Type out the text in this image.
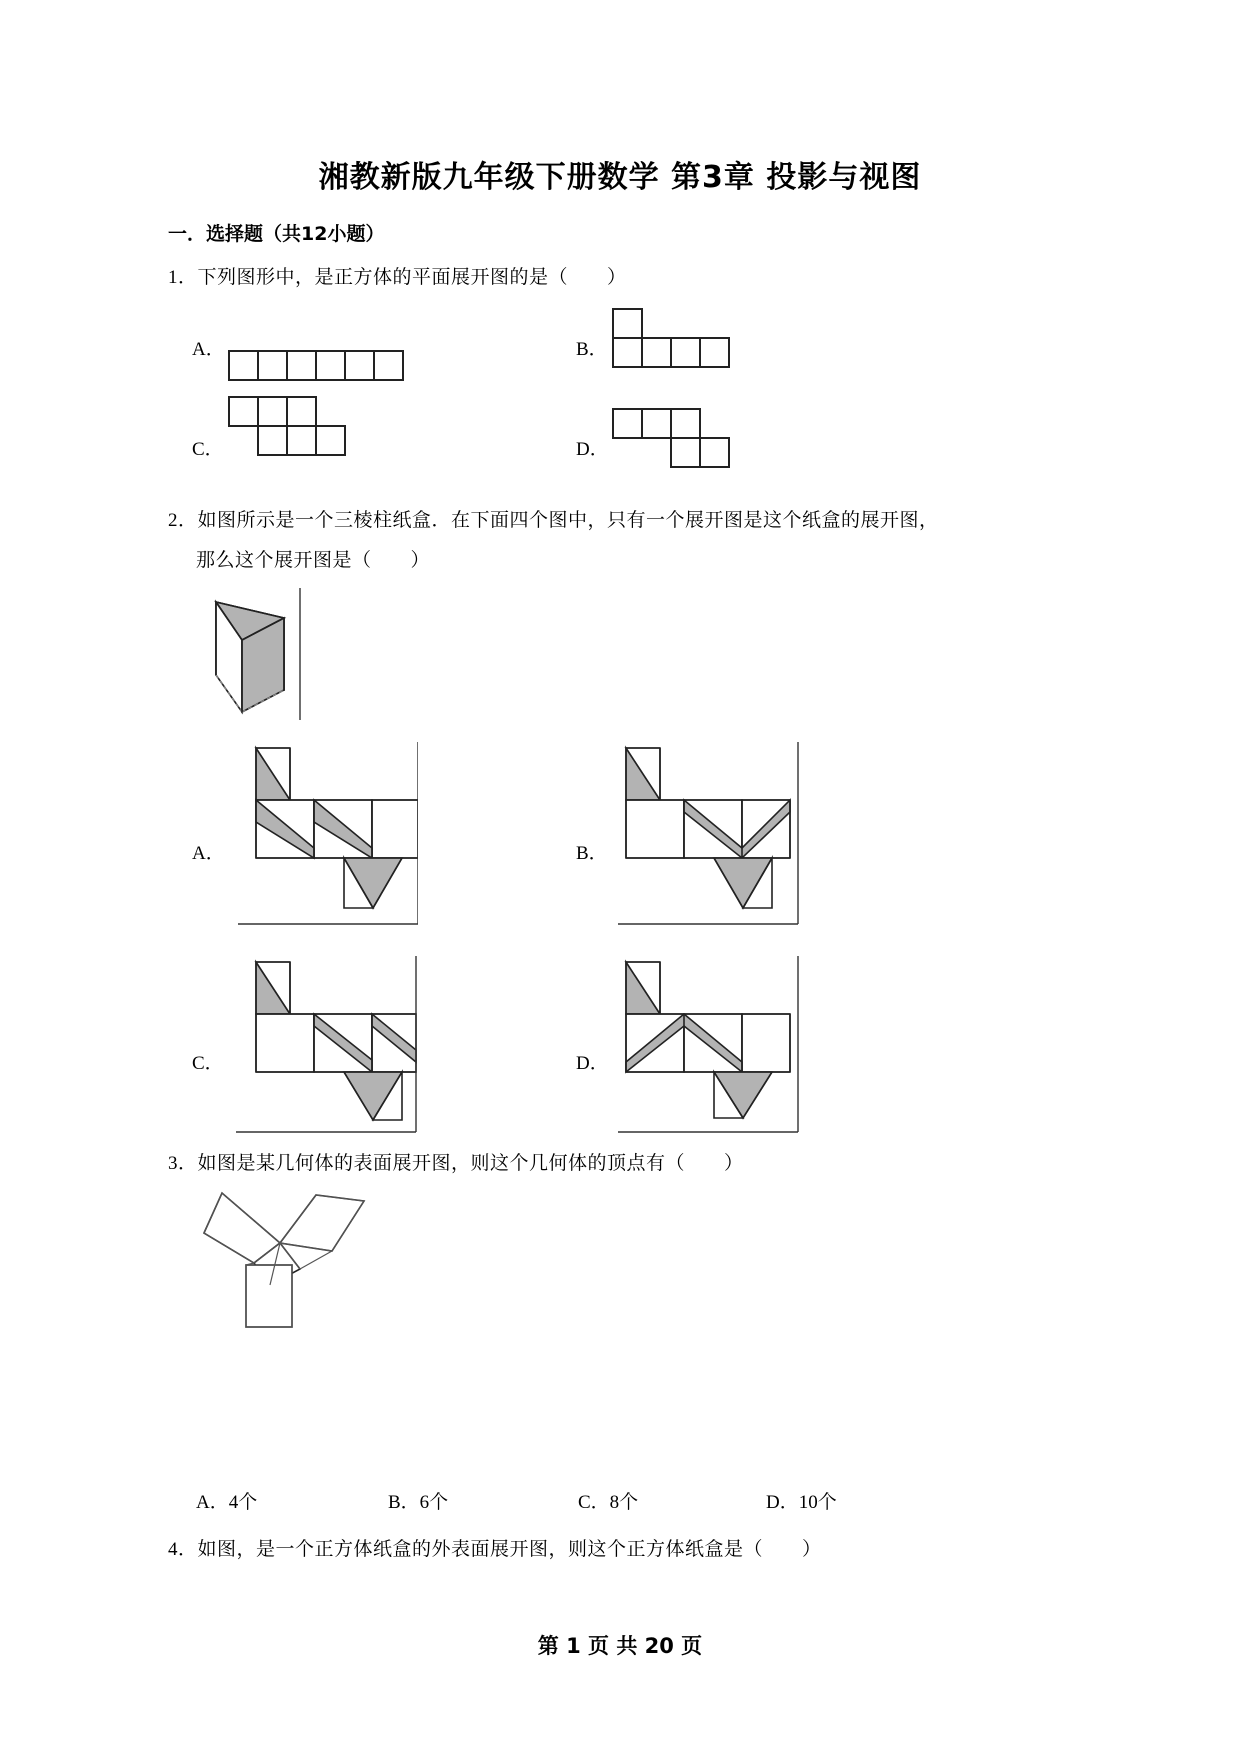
湘教新版九年级下册数学 第3章 投影与视图
一．选择题（共12小题）
1．下列图形中，是正方体的平面展开图的是（　　）
A．	B．
C．	D．
2．如图所示是一个三棱柱纸盒．在下面四个图中，只有一个展开图是这个纸盒的展开图，
那么这个展开图是（　　）
A．	B．
C．	D．
3．如图是某几何体的表面展开图，则这个几何体的顶点有（　　）
A．4个	B．6个	C．8个	D．10个
4．如图，是一个正方体纸盒的外表面展开图，则这个正方体纸盒是（　　）
第 1 页 共 20 页
